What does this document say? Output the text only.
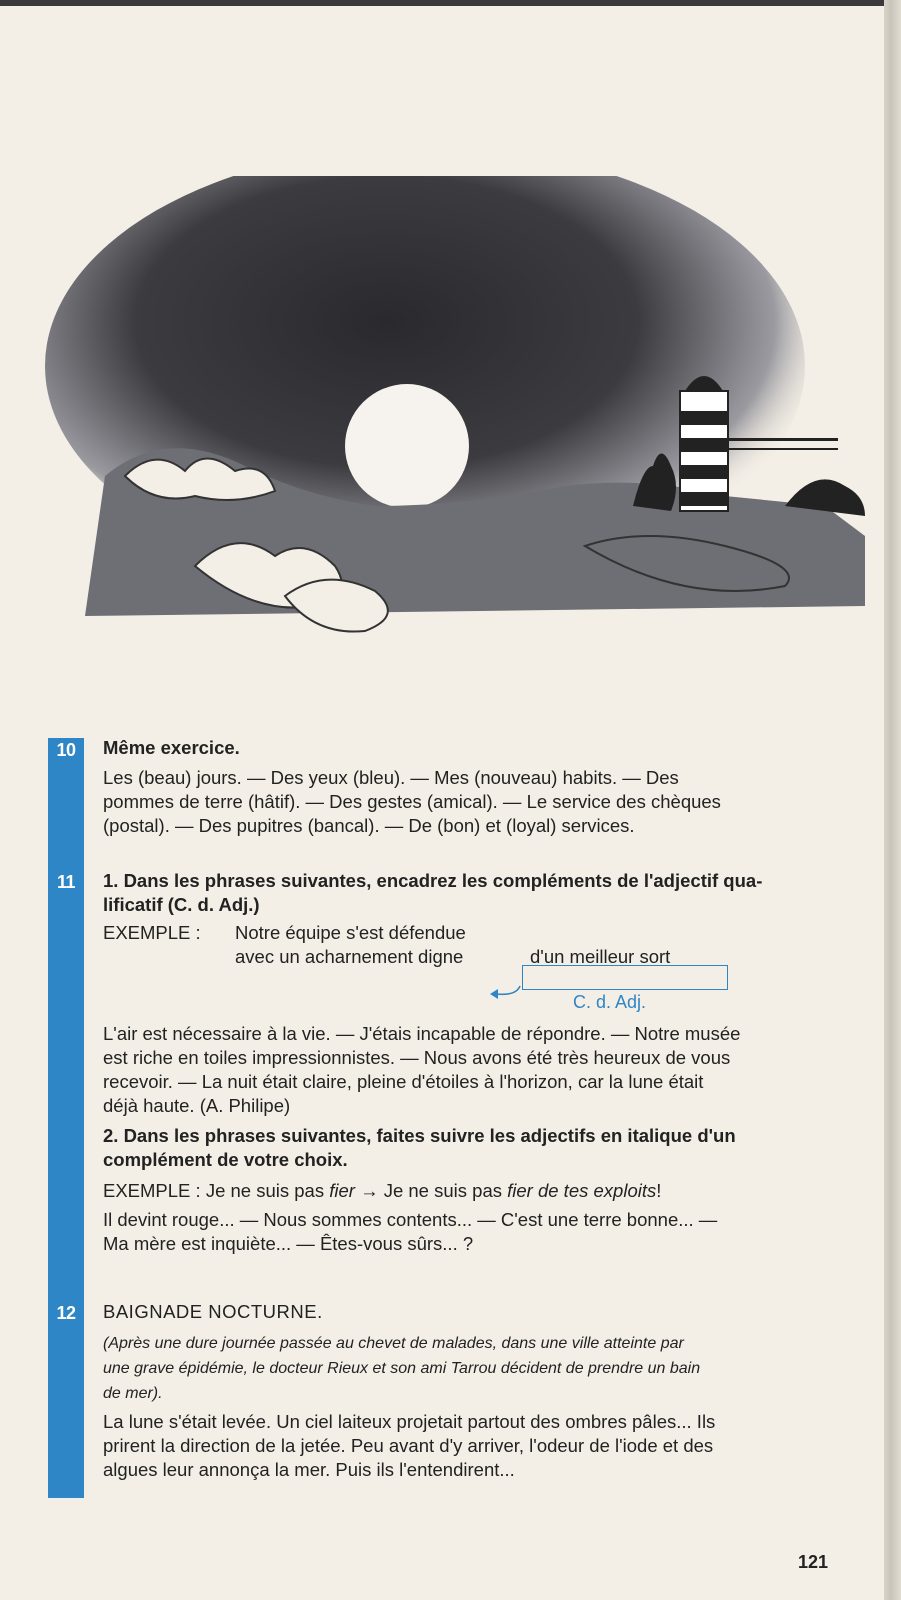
10	Même exercice.
Les (beau) jours. — Des yeux (bleu). — Mes (nouveau) habits. — Des
pommes de terre (hâtif). — Des gestes (amical). — Le service des chèques
(postal). — Des pupitres (bancal). — De (bon) et (loyal) services.
11	1. Dans les phrases suivantes, encadrez les compléments de l'adjectif qua-
lificatif (C. d. Adj.)
EXEMPLE :	Notre équipe s'est défendue
avec un acharnement digne	d'un meilleur sort
C. d. Adj.
L'air est nécessaire à la vie. — J'étais incapable de répondre. — Notre musée
est riche en toiles impressionnistes. — Nous avons été très heureux de vous
recevoir. — La nuit était claire, pleine d'étoiles à l'horizon, car la lune était
déjà haute. (A. Philipe)
2. Dans les phrases suivantes, faites suivre les adjectifs en italique d'un
complément de votre choix.
EXEMPLE : Je ne suis pas fier → Je ne suis pas fier de tes exploits!
Il devint rouge... — Nous sommes contents... — C'est une terre bonne... —
Ma mère est inquiète... — Êtes-vous sûrs... ?
12	BAIGNADE NOCTURNE.
(Après une dure journée passée au chevet de malades, dans une ville atteinte par
une grave épidémie, le docteur Rieux et son ami Tarrou décident de prendre un bain
de mer).
La lune s'était levée. Un ciel laiteux projetait partout des ombres pâles... Ils
prirent la direction de la jetée. Peu avant d'y arriver, l'odeur de l'iode et des
algues leur annonça la mer. Puis ils l'entendirent...
121
